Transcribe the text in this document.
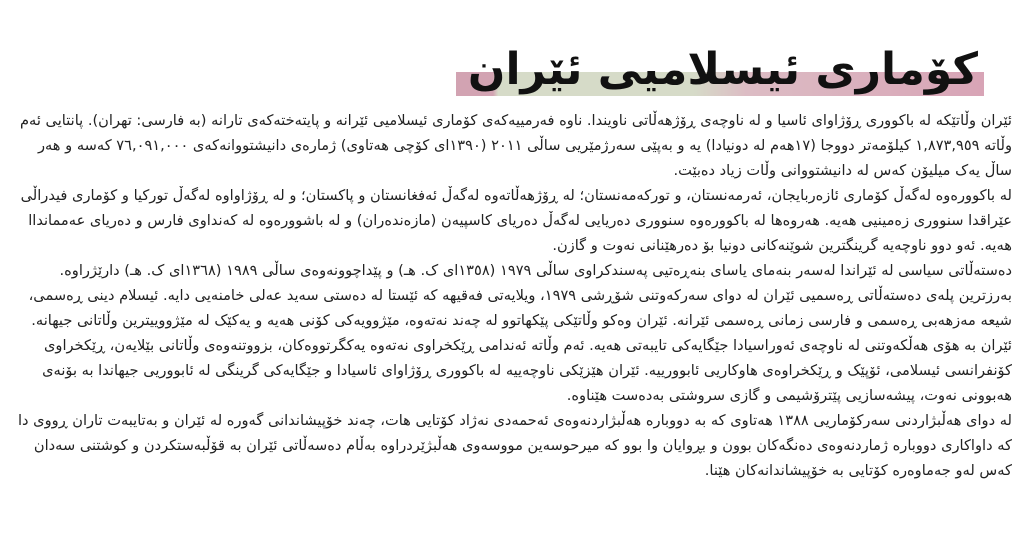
کۆماری ئیسلامیی ئێران

ئێران وڵاتێکە لە باکووری ڕۆژاوای ئاسیا و لە ناوچەی ڕۆژهەڵاتی ناویندا. ناوە فەرمییەکەی کۆماری ئیسلامیی ئێرانە و پایتەختەکەی تارانە (بە فارسی: تهران). پانتایی ئەم وڵاتە ١,٨٧٣,٩٥٩ کیلۆمەتر دووجا (١٧ھەم لە دونیادا) یە و بەپێی سەرژمێریی ساڵی ٢٠١١ (١٣٩٠ای کۆچی هەتاوی) ژمارەی دانیشتووانەکەی ٧٦,٠٩١,٠٠٠ کەسە و هەر ساڵ یەک میلیۆن کەس لە دانیشتووانی وڵات زیاد دەبێت.

لە باکوورەوە لەگەڵ کۆماری ئازەربایجان، ئەرمەنستان، و تورکەمەنستان؛ لە ڕۆژهەڵاتەوە لەگەڵ ئەفغانستان و پاکستان؛ و لە ڕۆژاواوە لەگەڵ تورکیا و کۆماری فیدراڵی عێراقدا سنووری زەمینیی هەیە. هەروەها لە باکوورەوە سنووری دەریایی لەگەڵ دەریای کاسپیەن (مازەندەران) و لە باشوورەوە لە کەنداوی فارس و دەریای عەممانداا هەیە. ئەو دوو ناوچەیە گرینگترین شوێنەکانی دونیا بۆ دەرهێنانی نەوت و گازن.

دەستەڵاتی سیاسی لە ئێراندا لەسەر بنەمای یاسای بنەڕەتیی پەسندکراوی ساڵی ١٩٧٩ (١٣٥٨ای ک. هـ) و پێداچوونەوەی ساڵی ١٩٨٩ (١٣٦٨ای ک. هـ) دارێژراوە. بەرزترین پلەی دەستەڵاتی ڕەسمیی ئێران لە دوای سەرکەوتنی شۆڕشی ١٩٧٩، ویلایەتی فەقیهە کە ئێستا لە دەستی سەید عەلی خامنەیی دایە. ئیسلام دینی ڕەسمی، شیعە مەزهەبی ڕەسمی و فارسی زمانی ڕەسمی ئێرانە. ئێران وەکو وڵاتێکی پێکهاتوو لە چەند نەتەوە، مێژوویەکی کۆنی هەیە و یەکێک لە مێژووییترین وڵاتانی جیهانە.

ئێران بە هۆی هەڵکەوتنی لە ناوچەی ئەوراسیادا جێگایەکی تایبەتی هەیە. ئەم وڵاتە ئەندامی ڕێکخراوی نەتەوە یەکگرتووەکان، بزووتنەوەی وڵاتانی بێلایەن، ڕێکخراوی کۆنفرانسی ئیسلامی، ئۆپێک و ڕێکخراوەی هاوکاریی ئابوورییە. ئێران هێزێکی ناوچەییە لە باکووری ڕۆژاوای ئاسیادا و جێگایەکی گرینگی لە ئابووریی جیهاندا بە بۆنەی هەبوونی نەوت، پیشەسازیی پێترۆشیمی و گازی سروشتی بەدەست هێناوە.

لە دوای هەڵبژاردنی سەرکۆماریی ١٣٨٨ هەتاوی کە بە دووبارە هەڵبژاردنەوەی ئەحمەدی نەژاد کۆتایی هات، چەند خۆپیشاندانی گەورە لە ئێران و بەتایبەت تاران ڕووی دا کە داواکاری دووبارە ژماردنەوەی دەنگەکان بوون و بڕوایان وا بوو کە میرحوسەین مووسەوی هەڵبژێردراوە بەڵام دەسەڵاتی ئێران بە قۆڵبەستکردن و کوشتنی سەدان کەس لەو جەماوەرە کۆتایی بە خۆپیشاندانەکان هێنا.
